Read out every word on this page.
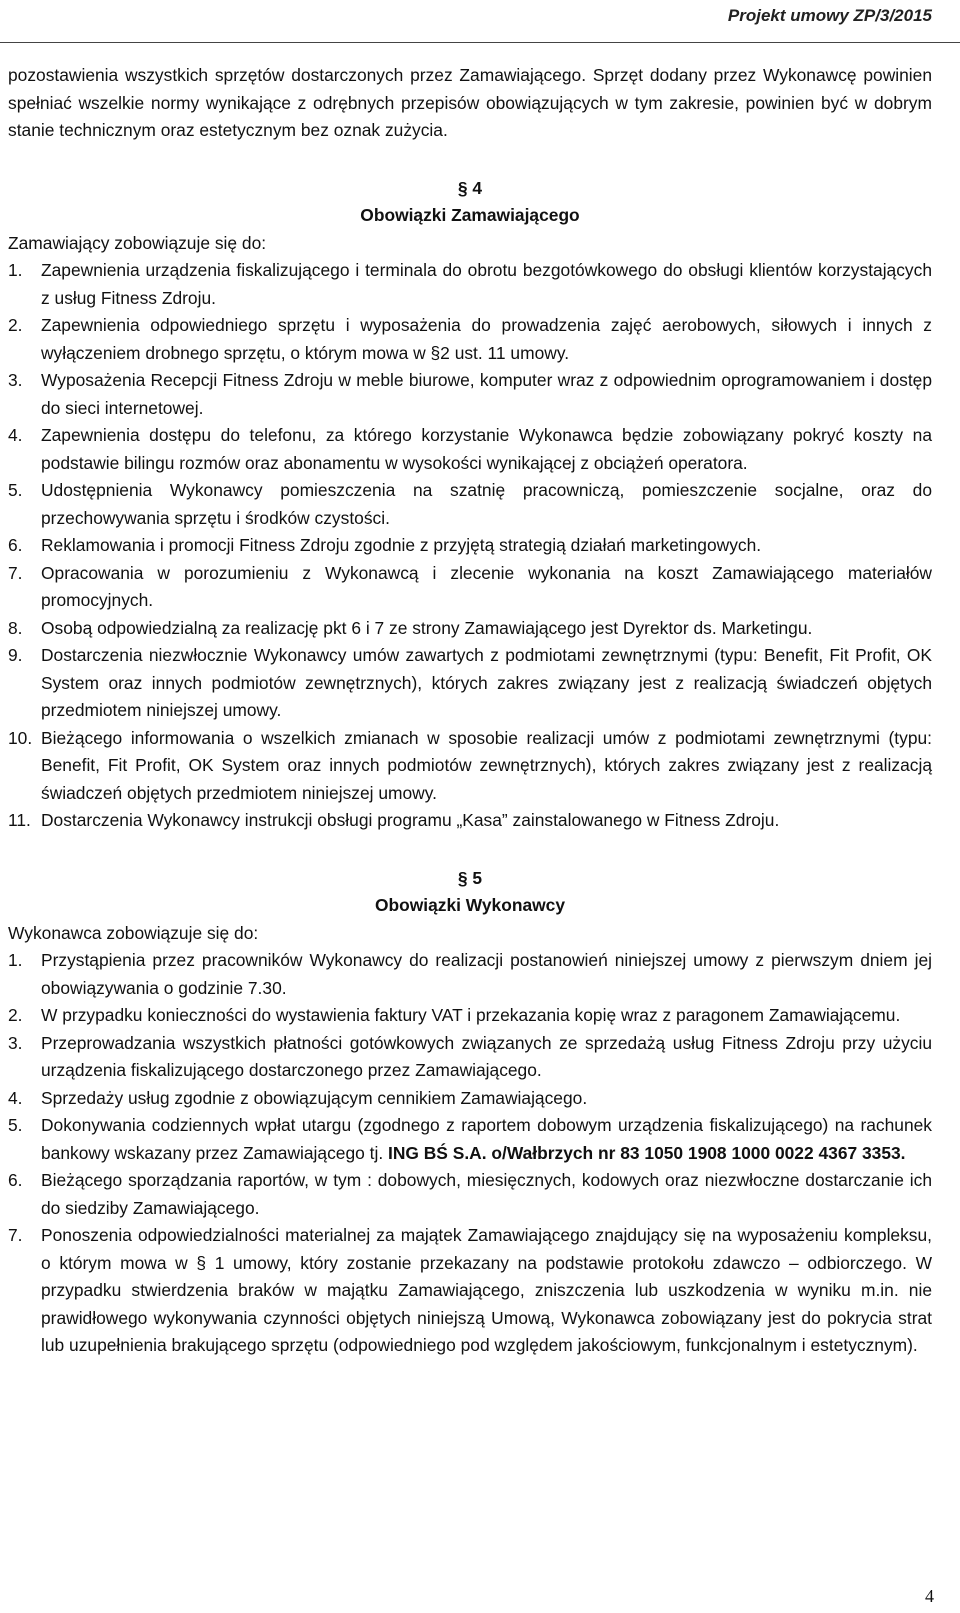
Projekt umowy ZP/3/2015

pozostawienia wszystkich sprzętów dostarczonych przez Zamawiającego. Sprzęt dodany przez Wykonawcę powinien spełniać wszelkie normy wynikające z odrębnych przepisów obowiązujących w tym zakresie, powinien być w dobrym stanie technicznym oraz estetycznym bez oznak zużycia.

§ 4

Obowiązki Zamawiającego

Zamawiający zobowiązuje się do:

1. Zapewnienia urządzenia fiskalizującego i terminala do obrotu bezgotówkowego do obsługi klientów korzystających z usług Fitness Zdroju.
2. Zapewnienia odpowiedniego sprzętu i wyposażenia do prowadzenia zajęć aerobowych, siłowych i innych z wyłączeniem drobnego sprzętu, o którym mowa w §2 ust. 11 umowy.
3. Wyposażenia Recepcji Fitness Zdroju w meble biurowe, komputer wraz z odpowiednim oprogramowaniem i dostęp do sieci internetowej.
4. Zapewnienia dostępu do telefonu, za którego korzystanie Wykonawca będzie zobowiązany pokryć koszty na podstawie bilingu rozmów oraz abonamentu w wysokości wynikającej z obciążeń operatora.
5. Udostępnienia Wykonawcy pomieszczenia na szatnię pracowniczą, pomieszczenie socjalne, oraz do przechowywania sprzętu i środków czystości.
6. Reklamowania i promocji Fitness Zdroju zgodnie z przyjętą strategią działań marketingowych.
7. Opracowania w porozumieniu z Wykonawcą i zlecenie wykonania na koszt Zamawiającego materiałów promocyjnych.
8. Osobą odpowiedzialną za realizację pkt 6 i 7 ze strony Zamawiającego jest Dyrektor ds. Marketingu.
9. Dostarczenia niezwłocznie Wykonawcy umów zawartych z podmiotami zewnętrznymi (typu: Benefit, Fit Profit, OK System oraz innych podmiotów zewnętrznych), których zakres związany jest z realizacją świadczeń objętych przedmiotem niniejszej umowy.
10. Bieżącego informowania o wszelkich zmianach w sposobie realizacji umów z podmiotami zewnętrznymi (typu: Benefit, Fit Profit, OK System oraz innych podmiotów zewnętrznych), których zakres związany jest z realizacją świadczeń objętych przedmiotem niniejszej umowy.
11. Dostarczenia Wykonawcy instrukcji obsługi programu „Kasa” zainstalowanego w Fitness Zdroju.

§ 5

Obowiązki Wykonawcy

Wykonawca zobowiązuje się do:

1. Przystąpienia przez pracowników Wykonawcy do realizacji postanowień niniejszej umowy z pierwszym dniem jej obowiązywania o godzinie 7.30.
2. W przypadku konieczności do wystawienia faktury VAT i przekazania kopię wraz z paragonem Zamawiającemu.
3. Przeprowadzania wszystkich płatności gotówkowych związanych ze sprzedażą usług Fitness Zdroju przy użyciu urządzenia fiskalizującego dostarczonego przez Zamawiającego.
4. Sprzedaży usług zgodnie z obowiązującym cennikiem Zamawiającego.
5. Dokonywania codziennych wpłat utargu (zgodnego z raportem dobowym urządzenia fiskalizującego) na rachunek bankowy wskazany przez Zamawiającego tj. ING BŚ S.A. o/Wałbrzych nr 83 1050 1908 1000 0022 4367 3353.
6. Bieżącego sporządzania raportów, w tym : dobowych, miesięcznych, kodowych oraz niezwłoczne dostarczanie ich do siedziby Zamawiającego.
7. Ponoszenia odpowiedzialności materialnej za majątek Zamawiającego znajdujący się na wyposażeniu kompleksu, o którym mowa w § 1 umowy, który zostanie przekazany na podstawie protokołu zdawczo – odbiorczego. W przypadku stwierdzenia braków w majątku Zamawiającego, zniszczenia lub uszkodzenia w wyniku m.in. nie prawidłowego wykonywania czynności objętych niniejszą Umową, Wykonawca zobowiązany jest do pokrycia strat lub uzupełnienia brakującego sprzętu (odpowiedniego pod względem jakościowym, funkcjonalnym i estetycznym).
4
